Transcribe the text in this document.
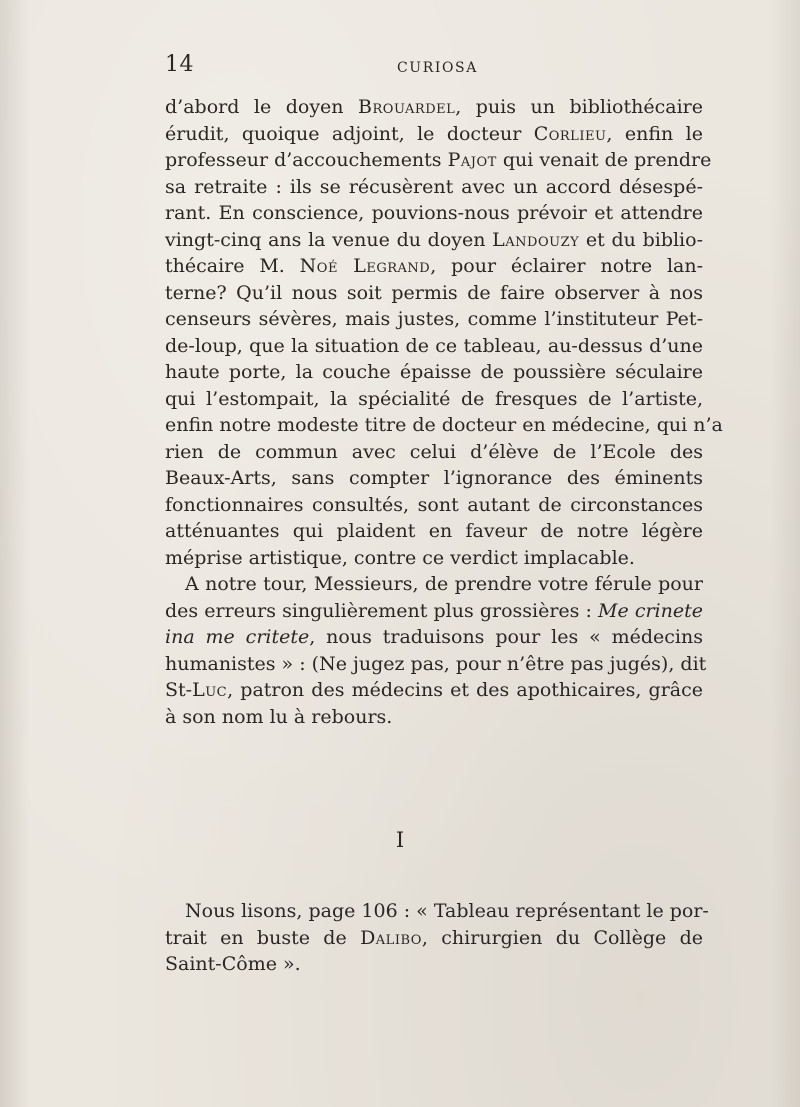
14	CURIOSA
d’abord le doyen Brouardel, puis un bibliothécaire
érudit, quoique adjoint, le docteur Corlieu, enfin le
professeur d’accouchements Pajot qui venait de prendre
sa retraite : ils se récusèrent avec un accord désespé-
rant. En conscience, pouvions-nous prévoir et attendre
vingt-cinq ans la venue du doyen Landouzy et du biblio-
thécaire M. Noé Legrand, pour éclairer notre lan-
terne? Qu’il nous soit permis de faire observer à nos
censeurs sévères, mais justes, comme l’instituteur Pet-
de-loup, que la situation de ce tableau, au-dessus d’une
haute porte, la couche épaisse de poussière séculaire
qui l’estompait, la spécialité de fresques de l’artiste,
enfin notre modeste titre de docteur en médecine, qui n’a
rien de commun avec celui d’élève de l’Ecole des
Beaux-Arts, sans compter l’ignorance des éminents
fonctionnaires consultés, sont autant de circonstances
atténuantes qui plaident en faveur de notre légère
méprise artistique, contre ce verdict implacable.
A notre tour, Messieurs, de prendre votre férule pour
des erreurs singulièrement plus grossières : Me crinete
ina me critete, nous traduisons pour les « médecins
humanistes » : (Ne jugez pas, pour n’être pas jugés), dit
St-Luc, patron des médecins et des apothicaires, grâce
à son nom lu à rebours.
I
Nous lisons, page 106 : « Tableau représentant le por-
trait en buste de Dalibo, chirurgien du Collège de
Saint-Côme ».
